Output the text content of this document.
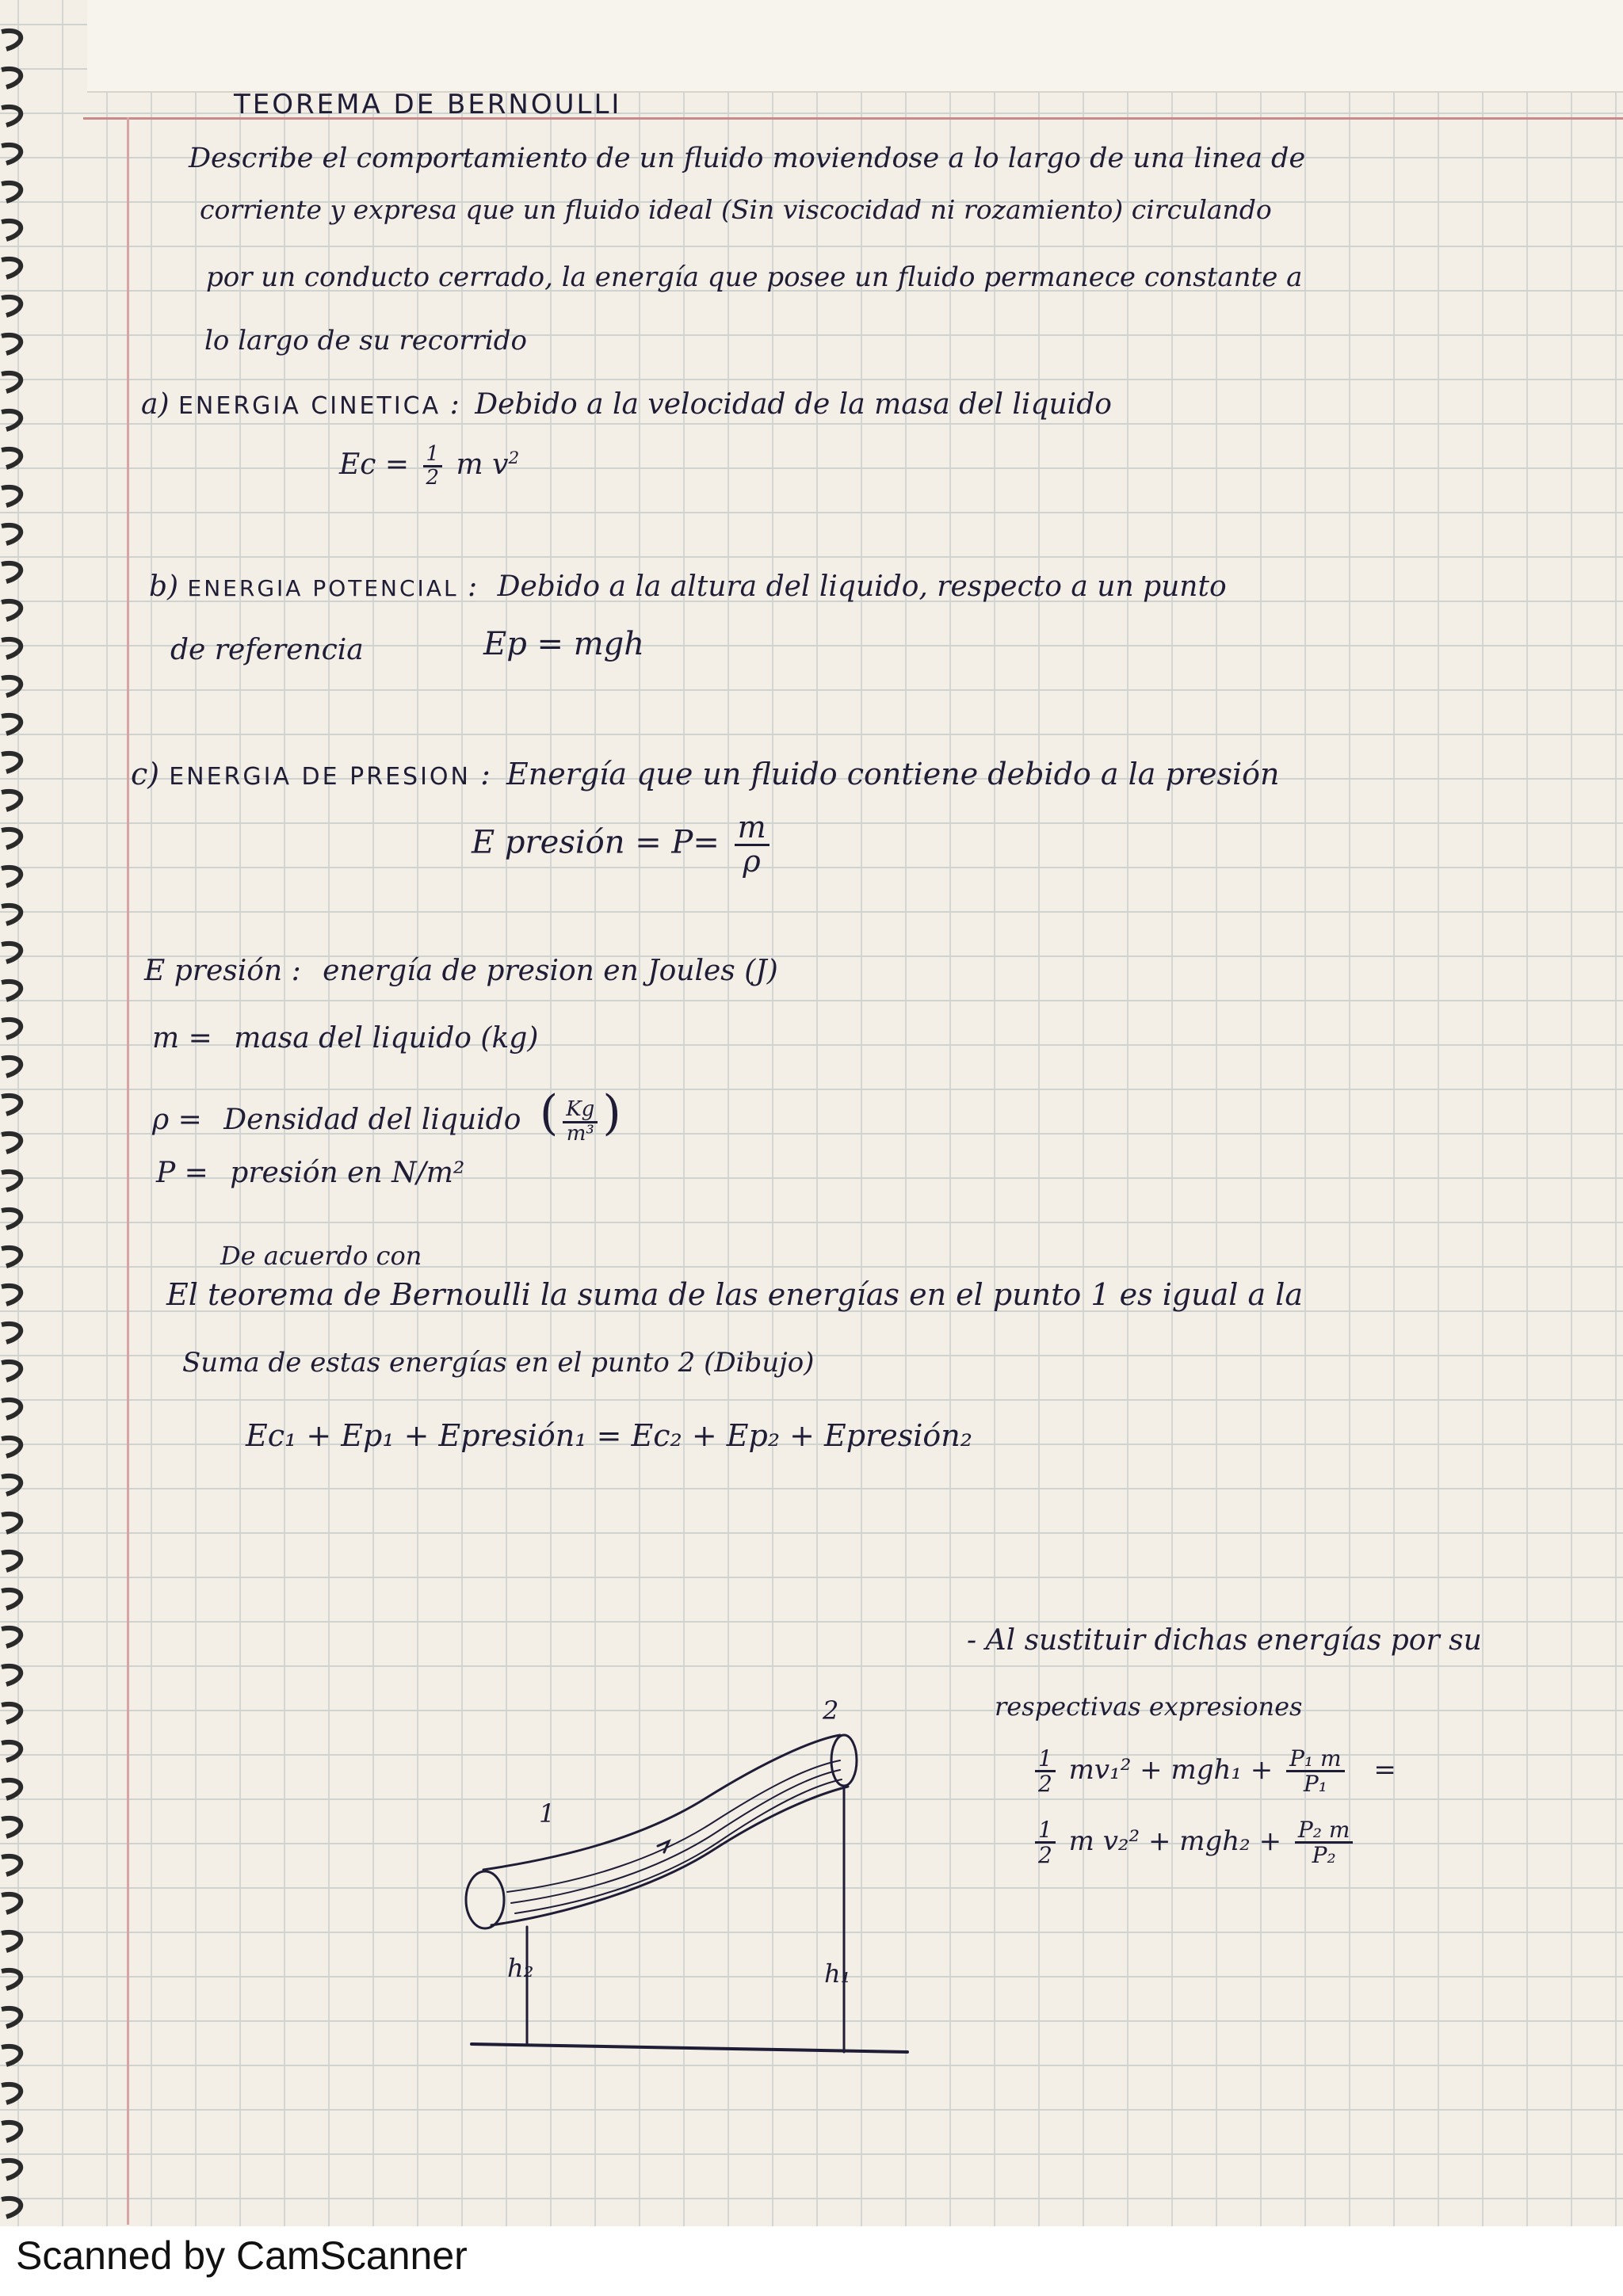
TEOREMA DE BERNOULLI
Describe el comportamiento de un fluido moviendose a lo largo de una linea de
corriente y expresa que un fluido ideal (Sin viscocidad ni rozamiento) circulando
por un conducto cerrado, la energía que posee un fluido permanece constante a
lo largo de su recorrido
a) ENERGIA CINETICA : Debido a la velocidad de la masa del liquido
$Ec = \frac{1}{2}$ m $v^2$
b) ENERGIA POTENCIAL : Debido a la altura del liquido, respecto a un punto
de referencia	Ep = mgh
c) ENERGIA DE PRESION : Energía que un fluido contiene debido a la presión
E presión = $P= \frac{m}{\rho}$
E presión : energía de presion en Joules (J)
m = masa del liquido (kg)
ρ = Densidad del liquido ( $\frac{Kg}{\text{m³}}$ )
P = presión en N/m²
De acuerdo con
El teorema de Bernoulli la suma de las energías en el punto 1 es igual a la
Suma de estas energías en el punto 2 (Dibujo)
Ec₁ + Ep₁ + Epresión₁ = Ec₂ + Ep₂ + Epresión₂
- Al sustituir dichas energías por su
respectivas expresiones
$\frac{1}{2} mv_1^2 + mgh_1 + \frac{\text{P₁ m}}{\text{P₁}}$ =
$\frac{1}{2}$ m $v_2^2 + mgh_2 + \frac{\text{P₂ m}}{\text{P₂}}$
1
2
h₂	h₁
Scanned by CamScanner
